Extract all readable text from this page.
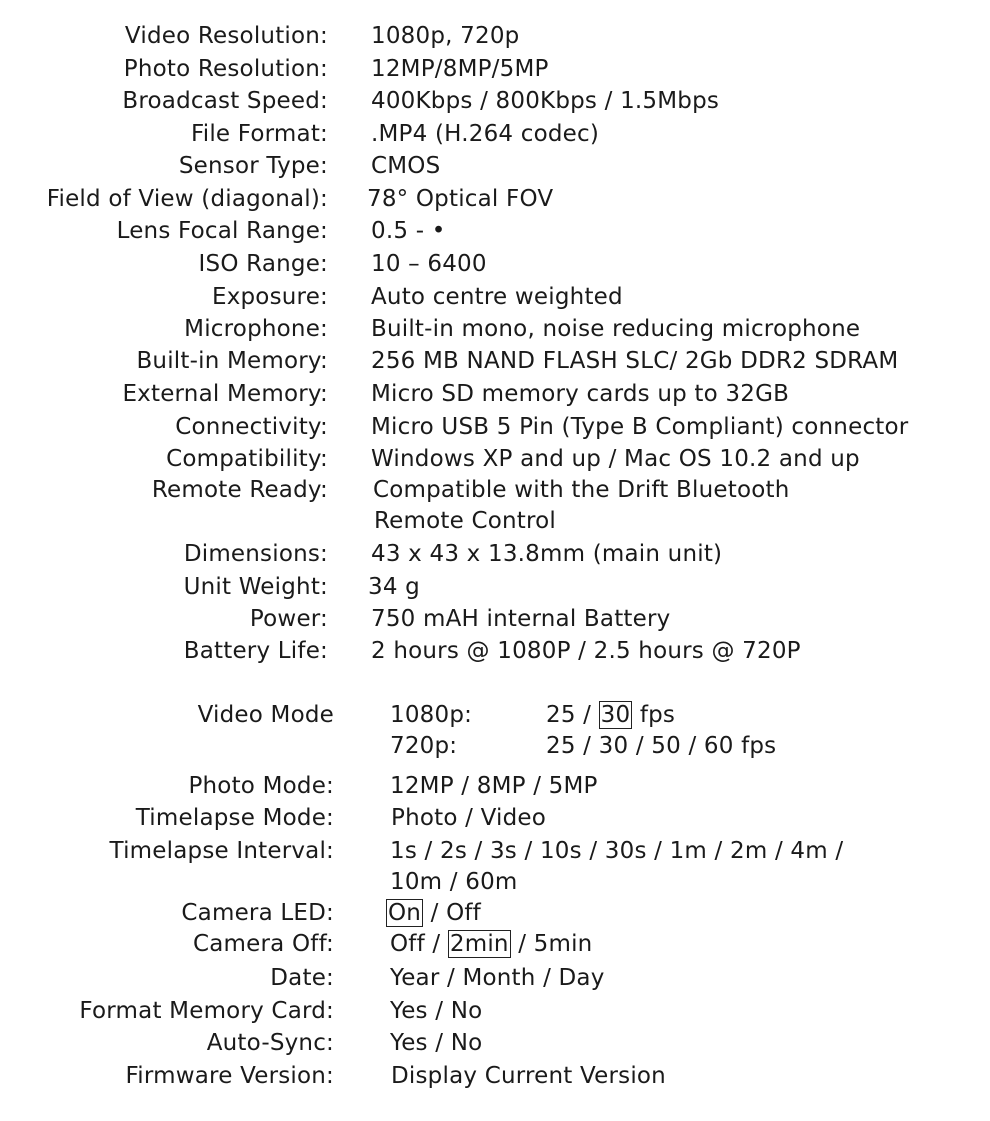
Video Resolution: 1080p, 720p
Photo Resolution: 12MP/8MP/5MP
Broadcast Speed: 400Kbps / 800Kbps / 1.5Mbps
File Format: .MP4 (H.264 codec)
Sensor Type: CMOS
Field of View (diagonal): 78° Optical FOV
Lens Focal Range: 0.5 - •
ISO Range: 10 – 6400
Exposure: Auto centre weighted
Microphone: Built-in mono, noise reducing microphone
Built-in Memory: 256 MB NAND FLASH SLC/ 2Gb DDR2 SDRAM
External Memory: Micro SD memory cards up to 32GB
Connectivity: Micro USB 5 Pin (Type B Compliant) connector
Compatibility: Windows XP and up / Mac OS 10.2 and up
Remote Ready: Compatible with the Drift Bluetooth
Remote Control
Dimensions: 43 x 43 x 13.8mm (main unit)
Unit Weight: 34 g
Power: 750 mAH internal Battery
Battery Life: 2 hours @ 1080P / 2.5 hours @ 720P
Video Mode 1080p:	25 / 30 fps
720p:	25 / 30 / 50 / 60 fps
Photo Mode: 12MP / 8MP / 5MP
Timelapse Mode: Photo / Video
Timelapse Interval: 1s / 2s / 3s / 10s / 30s / 1m / 2m / 4m /
10m / 60m
Camera LED: On / Off
Camera Off: Off / 2min / 5min
Date: Year / Month / Day
Format Memory Card: Yes / No
Auto-Sync: Yes / No
Firmware Version: Display Current Version
